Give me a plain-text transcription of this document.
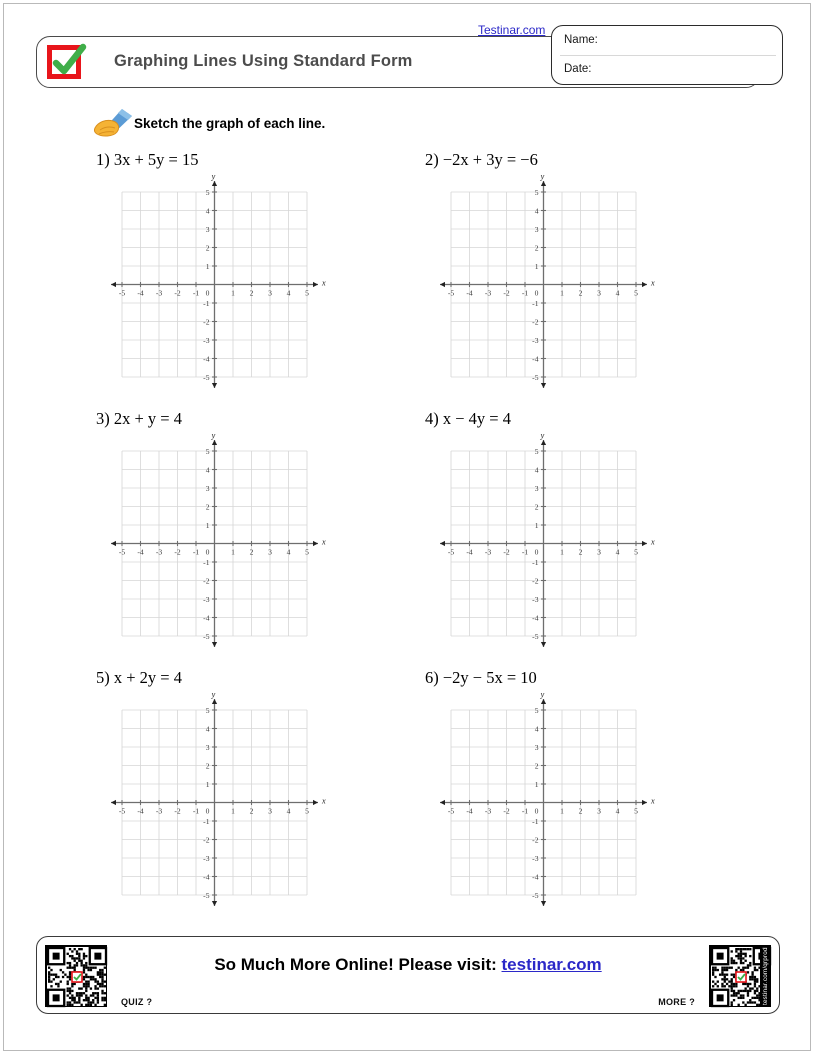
Graphing Lines Using Standard Form
Testinar.com
Name:
Date:
Sketch the graph of each line.
1) 3x + 5y = 15
-5 -4 -3 -2 -1 0	1 2 3 4 5
5
4
3
2
1
-1
-2
-3
-4
-5
x
y
2) −2x + 3y = −6
-5 -4 -3 -2 -1 0	1 2 3 4 5
5
4
3
2
1
-1
-2
-3
-4
-5
x
y
3) 2x + y = 4
-5 -4 -3 -2 -1 0	1 2 3 4 5
5
4
3
2
1
-1
-2
-3
-4
-5
x
y
4) x − 4y = 4
-5 -4 -3 -2 -1 0	1 2 3 4 5
5
4
3
2
1
-1
-2
-3
-4
-5
x
y
5) x + 2y = 4
-5 -4 -3 -2 -1 0	1 2 3 4 5
5
4
3
2
1
-1
-2
-3
-4
-5
x
y
6) −2y − 5x = 10
-5 -4 -3 -2 -1 0	1 2 3 4 5
5
4
3
2
1
-1
-2
-3
-4
-5
x
y
QUIZ ?
So Much More Online! Please visit: testinar.com
MORE ?	testinar.com/qrprod
